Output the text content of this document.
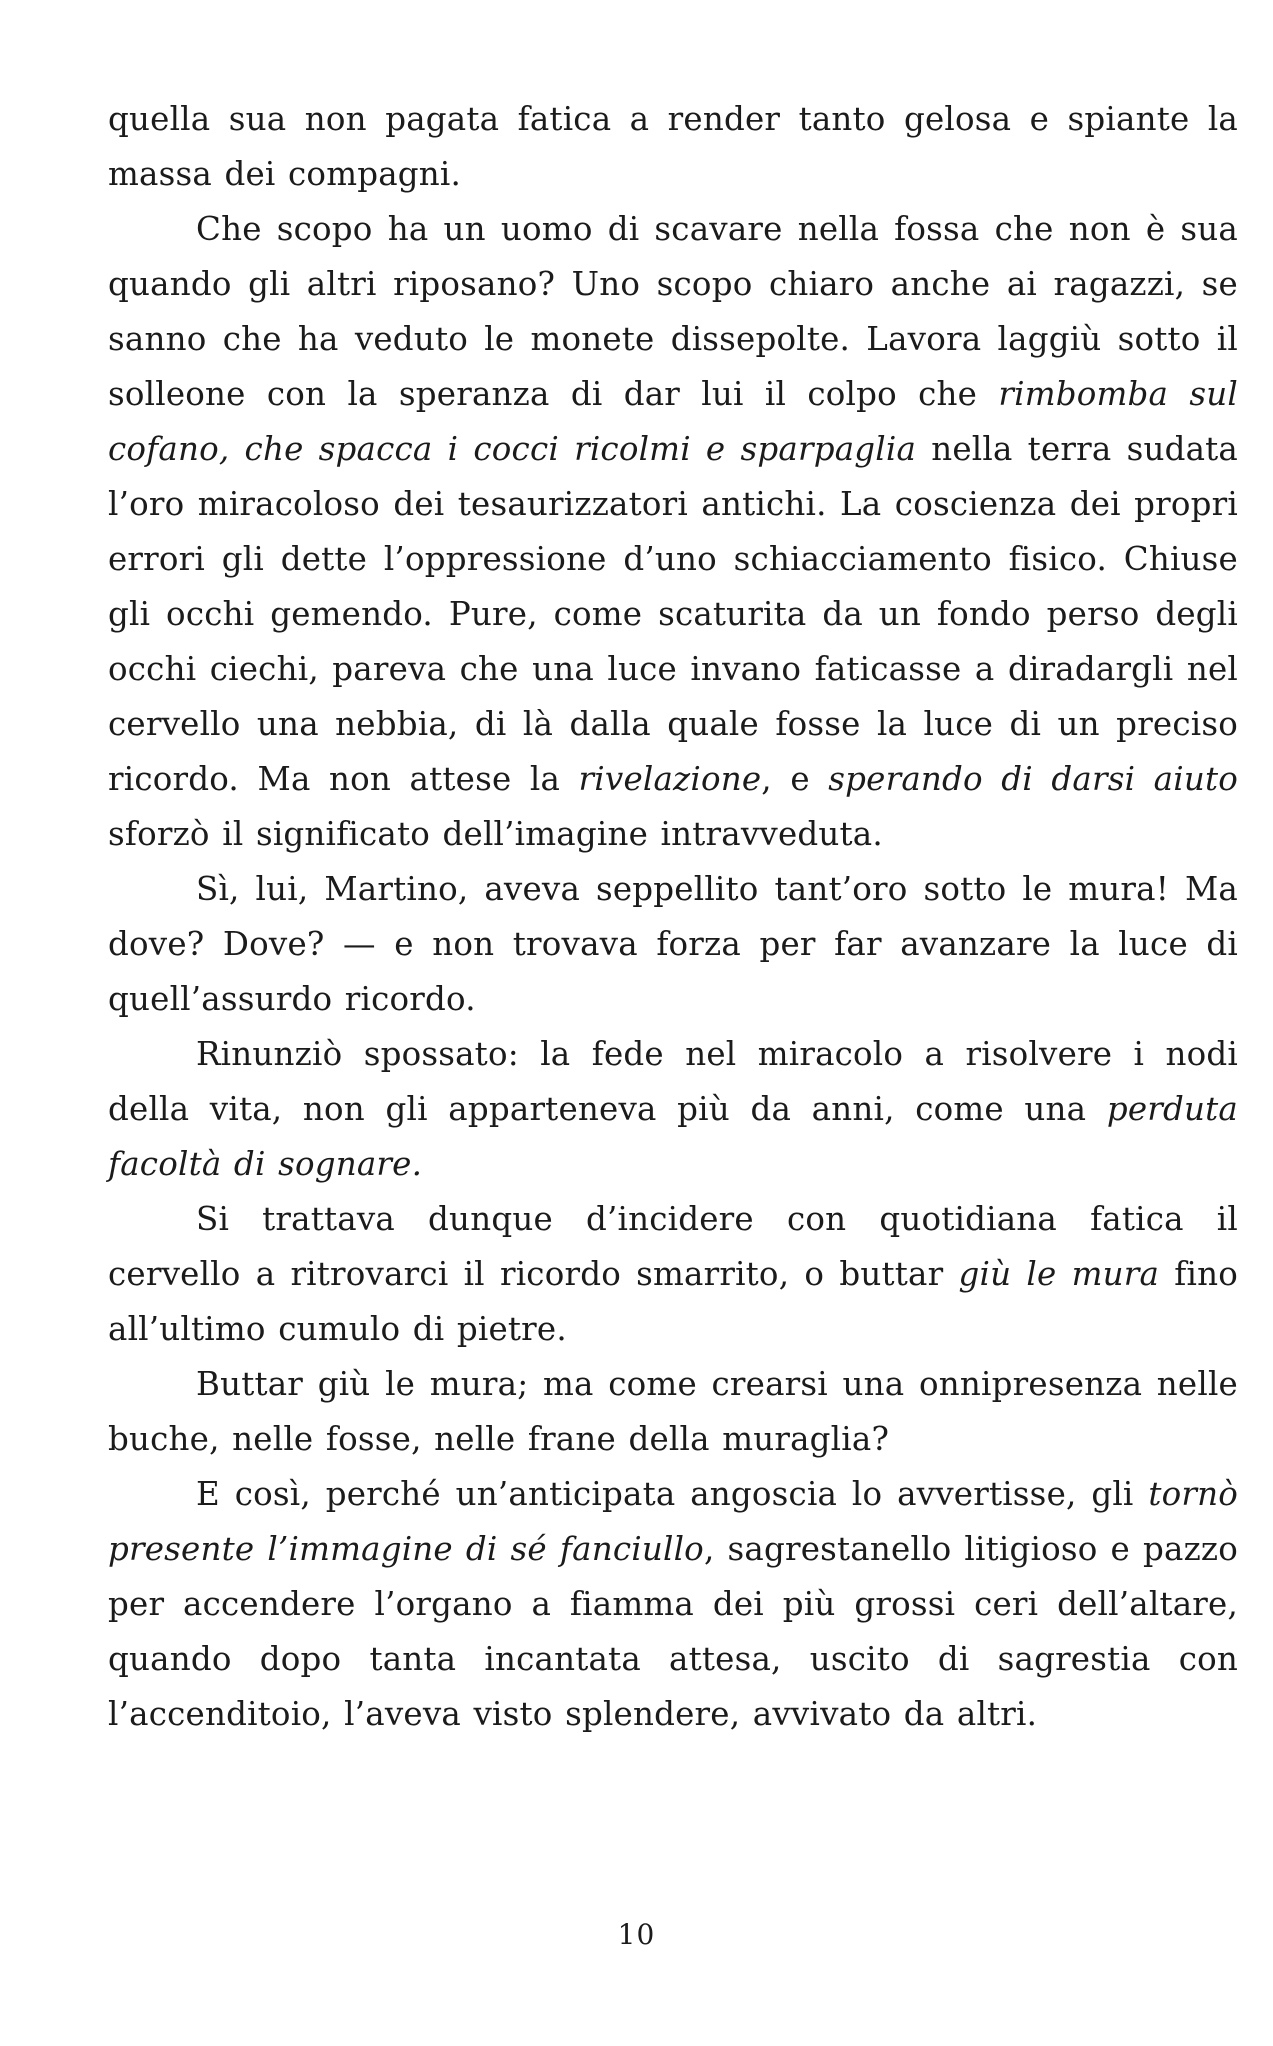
quella sua non pagata fatica a render tanto gelosa e spiante la massa dei compagni.

Che scopo ha un uomo di scavare nella fossa che non è sua quando gli altri riposano? Uno scopo chiaro anche ai ragazzi, se sanno che ha veduto le monete dissepolte. Lavora laggiù sotto il solleone con la speranza di dar lui il colpo che rimbomba sul cofano, che spacca i cocci ricolmi e sparpaglia nella terra sudata l’oro miracoloso dei tesaurizzatori antichi. La coscienza dei propri errori gli dette l’oppressione d’uno schiacciamento fisico. Chiuse gli occhi gemendo. Pure, come scaturita da un fondo perso degli occhi ciechi, pareva che una luce invano faticasse a diradargli nel cervello una nebbia, di là dalla quale fosse la luce di un preciso ricordo. Ma non attese la rivelazione, e sperando di darsi aiuto sforzò il significato dell’imagine intravveduta.

Sì, lui, Martino, aveva seppellito tant’oro sotto le mura! Ma dove? Dove? — e non trovava forza per far avanzare la luce di quell’assurdo ricordo.

Rinunziò spossato: la fede nel miracolo a risolvere i nodi della vita, non gli apparteneva più da anni, come una perduta facoltà di sognare.

Si trattava dunque d’incidere con quotidiana fatica il cervello a ritrovarci il ricordo smarrito, o buttar giù le mura fino all’ultimo cumulo di pietre.

Buttar giù le mura; ma come crearsi una onnipresenza nelle buche, nelle fosse, nelle frane della muraglia?

E così, perché un’anticipata angoscia lo avvertisse, gli tornò presente l’immagine di sé fanciullo, sagrestanello litigioso e pazzo per accendere l’organo a fiamma dei più grossi ceri dell’altare, quando dopo tanta incantata attesa, uscito di sagrestia con l’accenditoio, l’aveva visto splendere, avvivato da altri.

10
